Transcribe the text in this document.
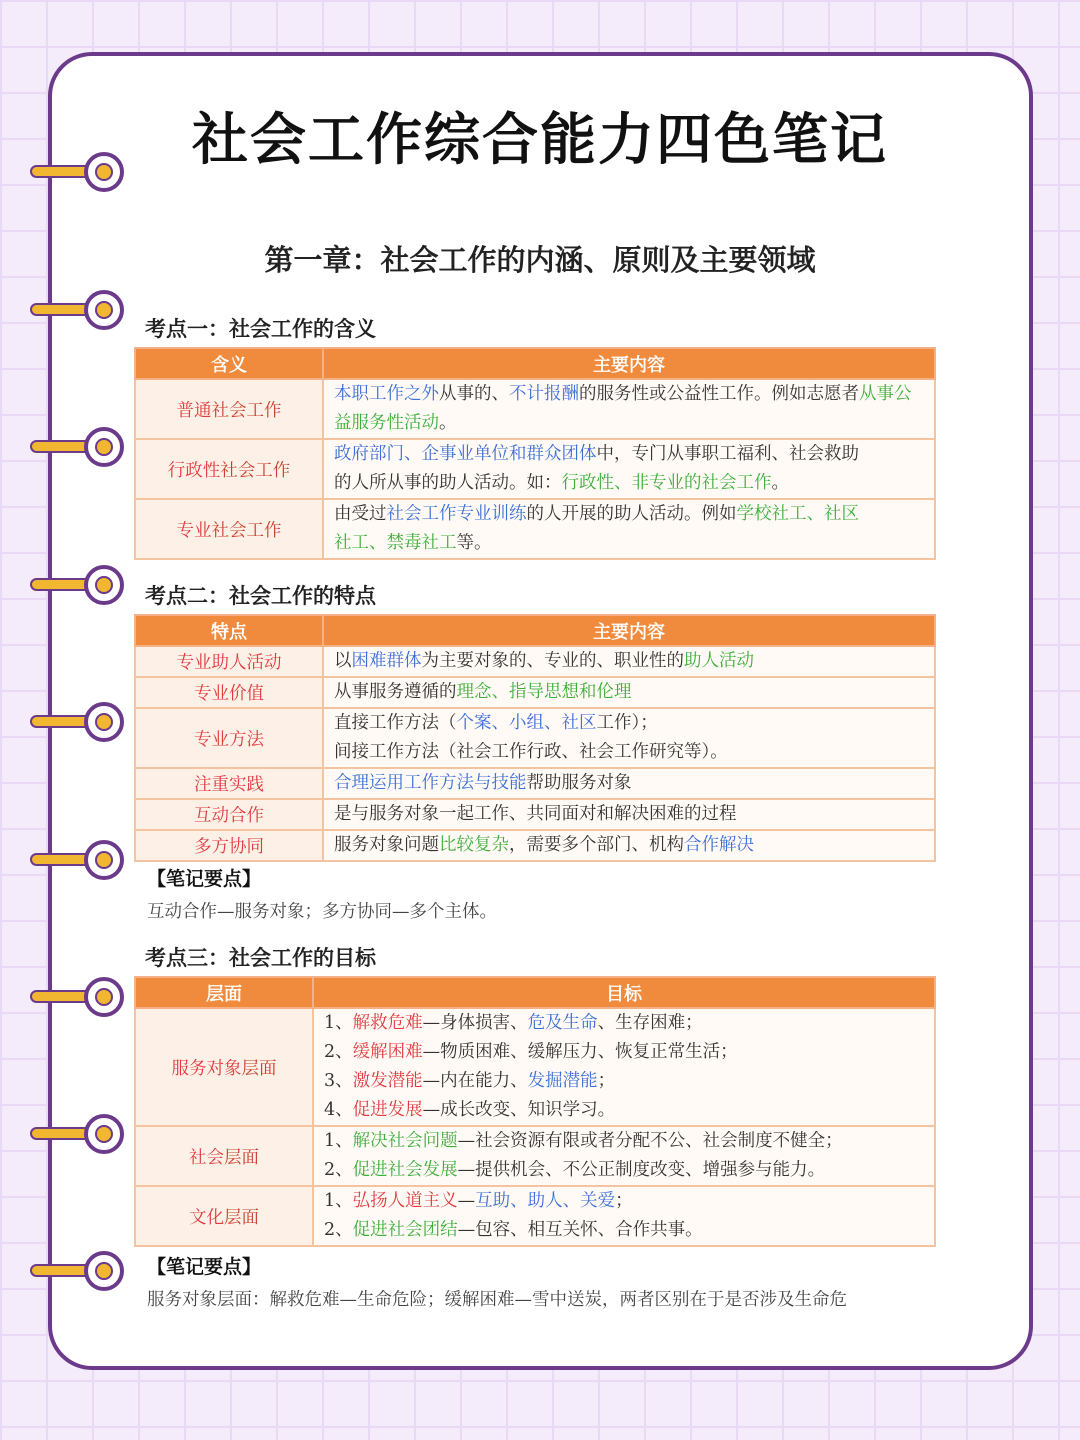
社会工作综合能力四色笔记
第一章：社会工作的内涵、原则及主要领域
考点一：社会工作的含义
含义	主要内容
普通社会工作	本职工作之外从事的、不计报酬的服务性或公益性工作。例如志愿者从事公益服务性活动。
行政性社会工作	政府部门、企事业单位和群众团体中，专门从事职工福利、社会救助
的人所从事的助人活动。如：行政性、非专业的社会工作。
专业社会工作	由受过社会工作专业训练的人开展的助人活动。例如学校社工、社区
社工、禁毒社工等。
考点二：社会工作的特点
特点	主要内容
专业助人活动	以困难群体为主要对象的、专业的、职业性的助人活动
专业价值	从事服务遵循的理念、指导思想和伦理
专业方法	直接工作方法（个案、小组、社区工作）；
间接工作方法（社会工作行政、社会工作研究等）。
注重实践	合理运用工作方法与技能帮助服务对象
互动合作	是与服务对象一起工作、共同面对和解决困难的过程
多方协同	服务对象问题比较复杂，需要多个部门、机构合作解决
【笔记要点】
互动合作—服务对象；多方协同—多个主体。
考点三：社会工作的目标
层面	目标
服务对象层面	1、解救危难—身体损害、危及生命、生存困难；
2、缓解困难—物质困难、缓解压力、恢复正常生活；
3、激发潜能—内在能力、发掘潜能；
4、促进发展—成长改变、知识学习。

社会层面	1、解决社会问题—社会资源有限或者分配不公、社会制度不健全；
2、促进社会发展—提供机会、不公正制度改变、增强参与能力。

文化层面	1、弘扬人道主义—互助、助人、关爱；
2、促进社会团结—包容、相互关怀、合作共事。
【笔记要点】
服务对象层面：解救危难—生命危险；缓解困难—雪中送炭，两者区别在于是否涉及生命危
